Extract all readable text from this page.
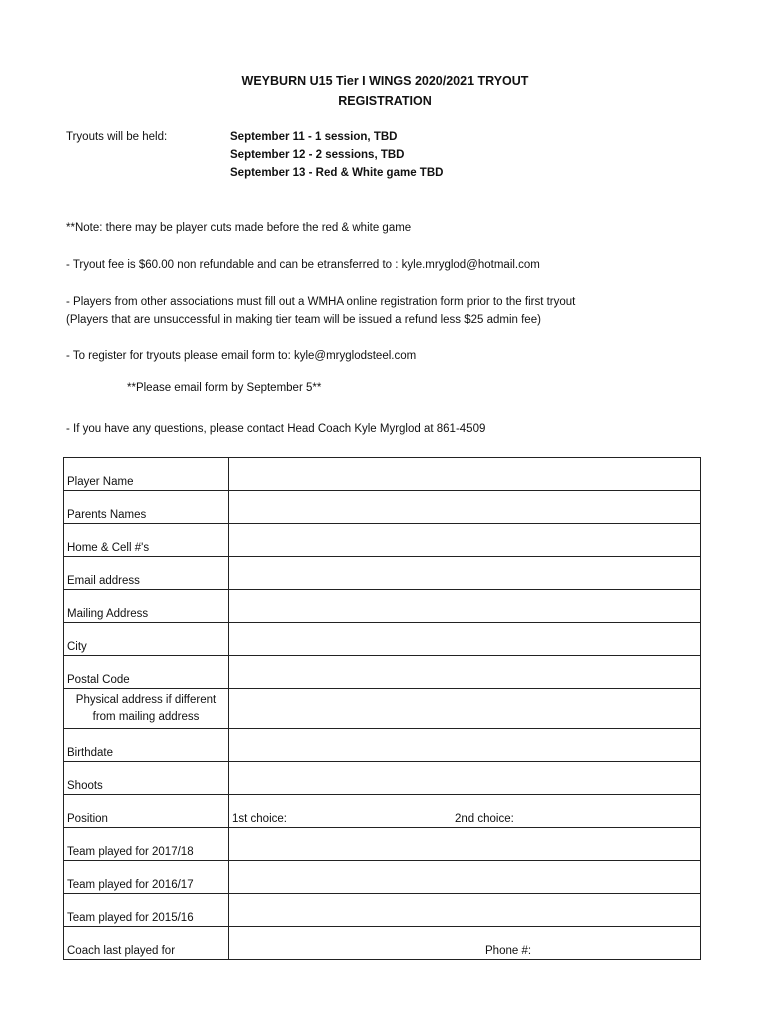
WEYBURN U15 Tier I WINGS 2020/2021 TRYOUT
REGISTRATION
Tryouts will be held:	September 11 - 1 session, TBD
September 12 - 2 sessions, TBD
September 13 - Red & White game TBD
**Note: there may be player cuts made before the red & white game
- Tryout fee is $60.00 non refundable and can be etransferred to : kyle.mryglod@hotmail.com
- Players from other associations must fill out a WMHA online registration form prior to the first tryout
(Players that are unsuccessful in making tier team will be issued a refund less $25 admin fee)
- To register for tryouts please email form to: kyle@mryglodsteel.com
**Please email form by September 5**
- If you have any questions, please contact Head Coach Kyle Myrglod at 861-4509
Player Name	
Parents Names	
Home & Cell #'s	
Email address	
Mailing Address	
City	
Postal Code	

Physical address if different
from mailing address	

Birthdate	
Shoots	
Position	1st choice: 2nd choice:

Team played for 2017/18	
Team played for 2016/17	
Team played for 2015/16	
Coach last played for	Phone #:
